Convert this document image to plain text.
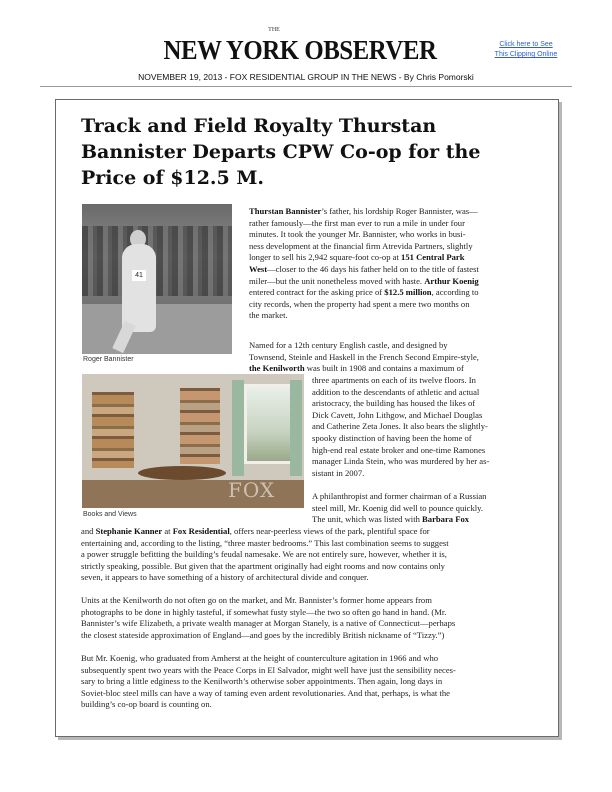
NEW YORK OBSERVER
THE
Click here to See
This Clipping Online
NOVEMBER 19, 2013 - FOX RESIDENTIAL GROUP IN THE NEWS - By Chris Pomorski
Track and Field Royalty Thurstan
Bannister Departs CPW Co-op for the
Price of $12.5 M.
41
Roger Bannister
FOX
Books and Views
Thurstan Bannister’s father, his lordship Roger Bannister, was—
rather famously—the first man ever to run a mile in under four
minutes. It took the younger Mr. Bannister, who works in busi-
ness development at the financial firm Atrevida Partners, slightly
longer to sell his 2,942 square-foot co-op at 151 Central Park
West—closer to the 46 days his father held on to the title of fastest
miler—but the unit nonetheless moved with haste. Arthur Koenig
entered contract for the asking price of $12.5 million, according to
city records, when the property had spent a mere two months on
the market.
Named for a 12th century English castle, and designed by
Townsend, Steinle and Haskell in the French Second Empire-style,
the Kenilworth was built in 1908 and contains a maximum of
three apartments on each of its twelve floors. In
addition to the descendants of athletic and actual
aristocracy, the building has housed the likes of
Dick Cavett, John Lithgow, and Michael Douglas
and Catherine Zeta Jones. It also bears the slightly-
spooky distinction of having been the home of
high-end real estate broker and one-time Ramones
manager Linda Stein, who was murdered by her as-
sistant in 2007.
A philanthropist and former chairman of a Russian
steel mill, Mr. Koenig did well to pounce quickly.
The unit, which was listed with Barbara Fox
and Stephanie Kanner at Fox Residential, offers near-peerless views of the park, plentiful space for
entertaining and, according to the listing, “three master bedrooms.” This last combination seems to suggest
a power struggle befitting the building’s feudal namesake. We are not entirely sure, however, whether it is,
strictly speaking, possible. But given that the apartment originally had eight rooms and now contains only
seven, it appears to have something of a history of architectural divide and conquer.
Units at the Kenilworth do not often go on the market, and Mr. Bannister’s former home appears from
photographs to be done in highly tasteful, if somewhat fusty style—the two so often go hand in hand. (Mr.
Bannister’s wife Elizabeth, a private wealth manager at Morgan Stanely, is a native of Connecticut—perhaps
the closest stateside approximation of England—and goes by the incredibly British nickname of “Tizzy.”)
But Mr. Koenig, who graduated from Amherst at the height of counterculture agitation in 1966 and who
subsequently spent two years with the Peace Corps in El Salvador, might well have just the sensibility neces-
sary to bring a little edginess to the Kenilworth’s otherwise sober appointments. Then again, long days in
Soviet-bloc steel mills can have a way of taming even ardent revolutionaries. And that, perhaps, is what the
building’s co-op board is counting on.
